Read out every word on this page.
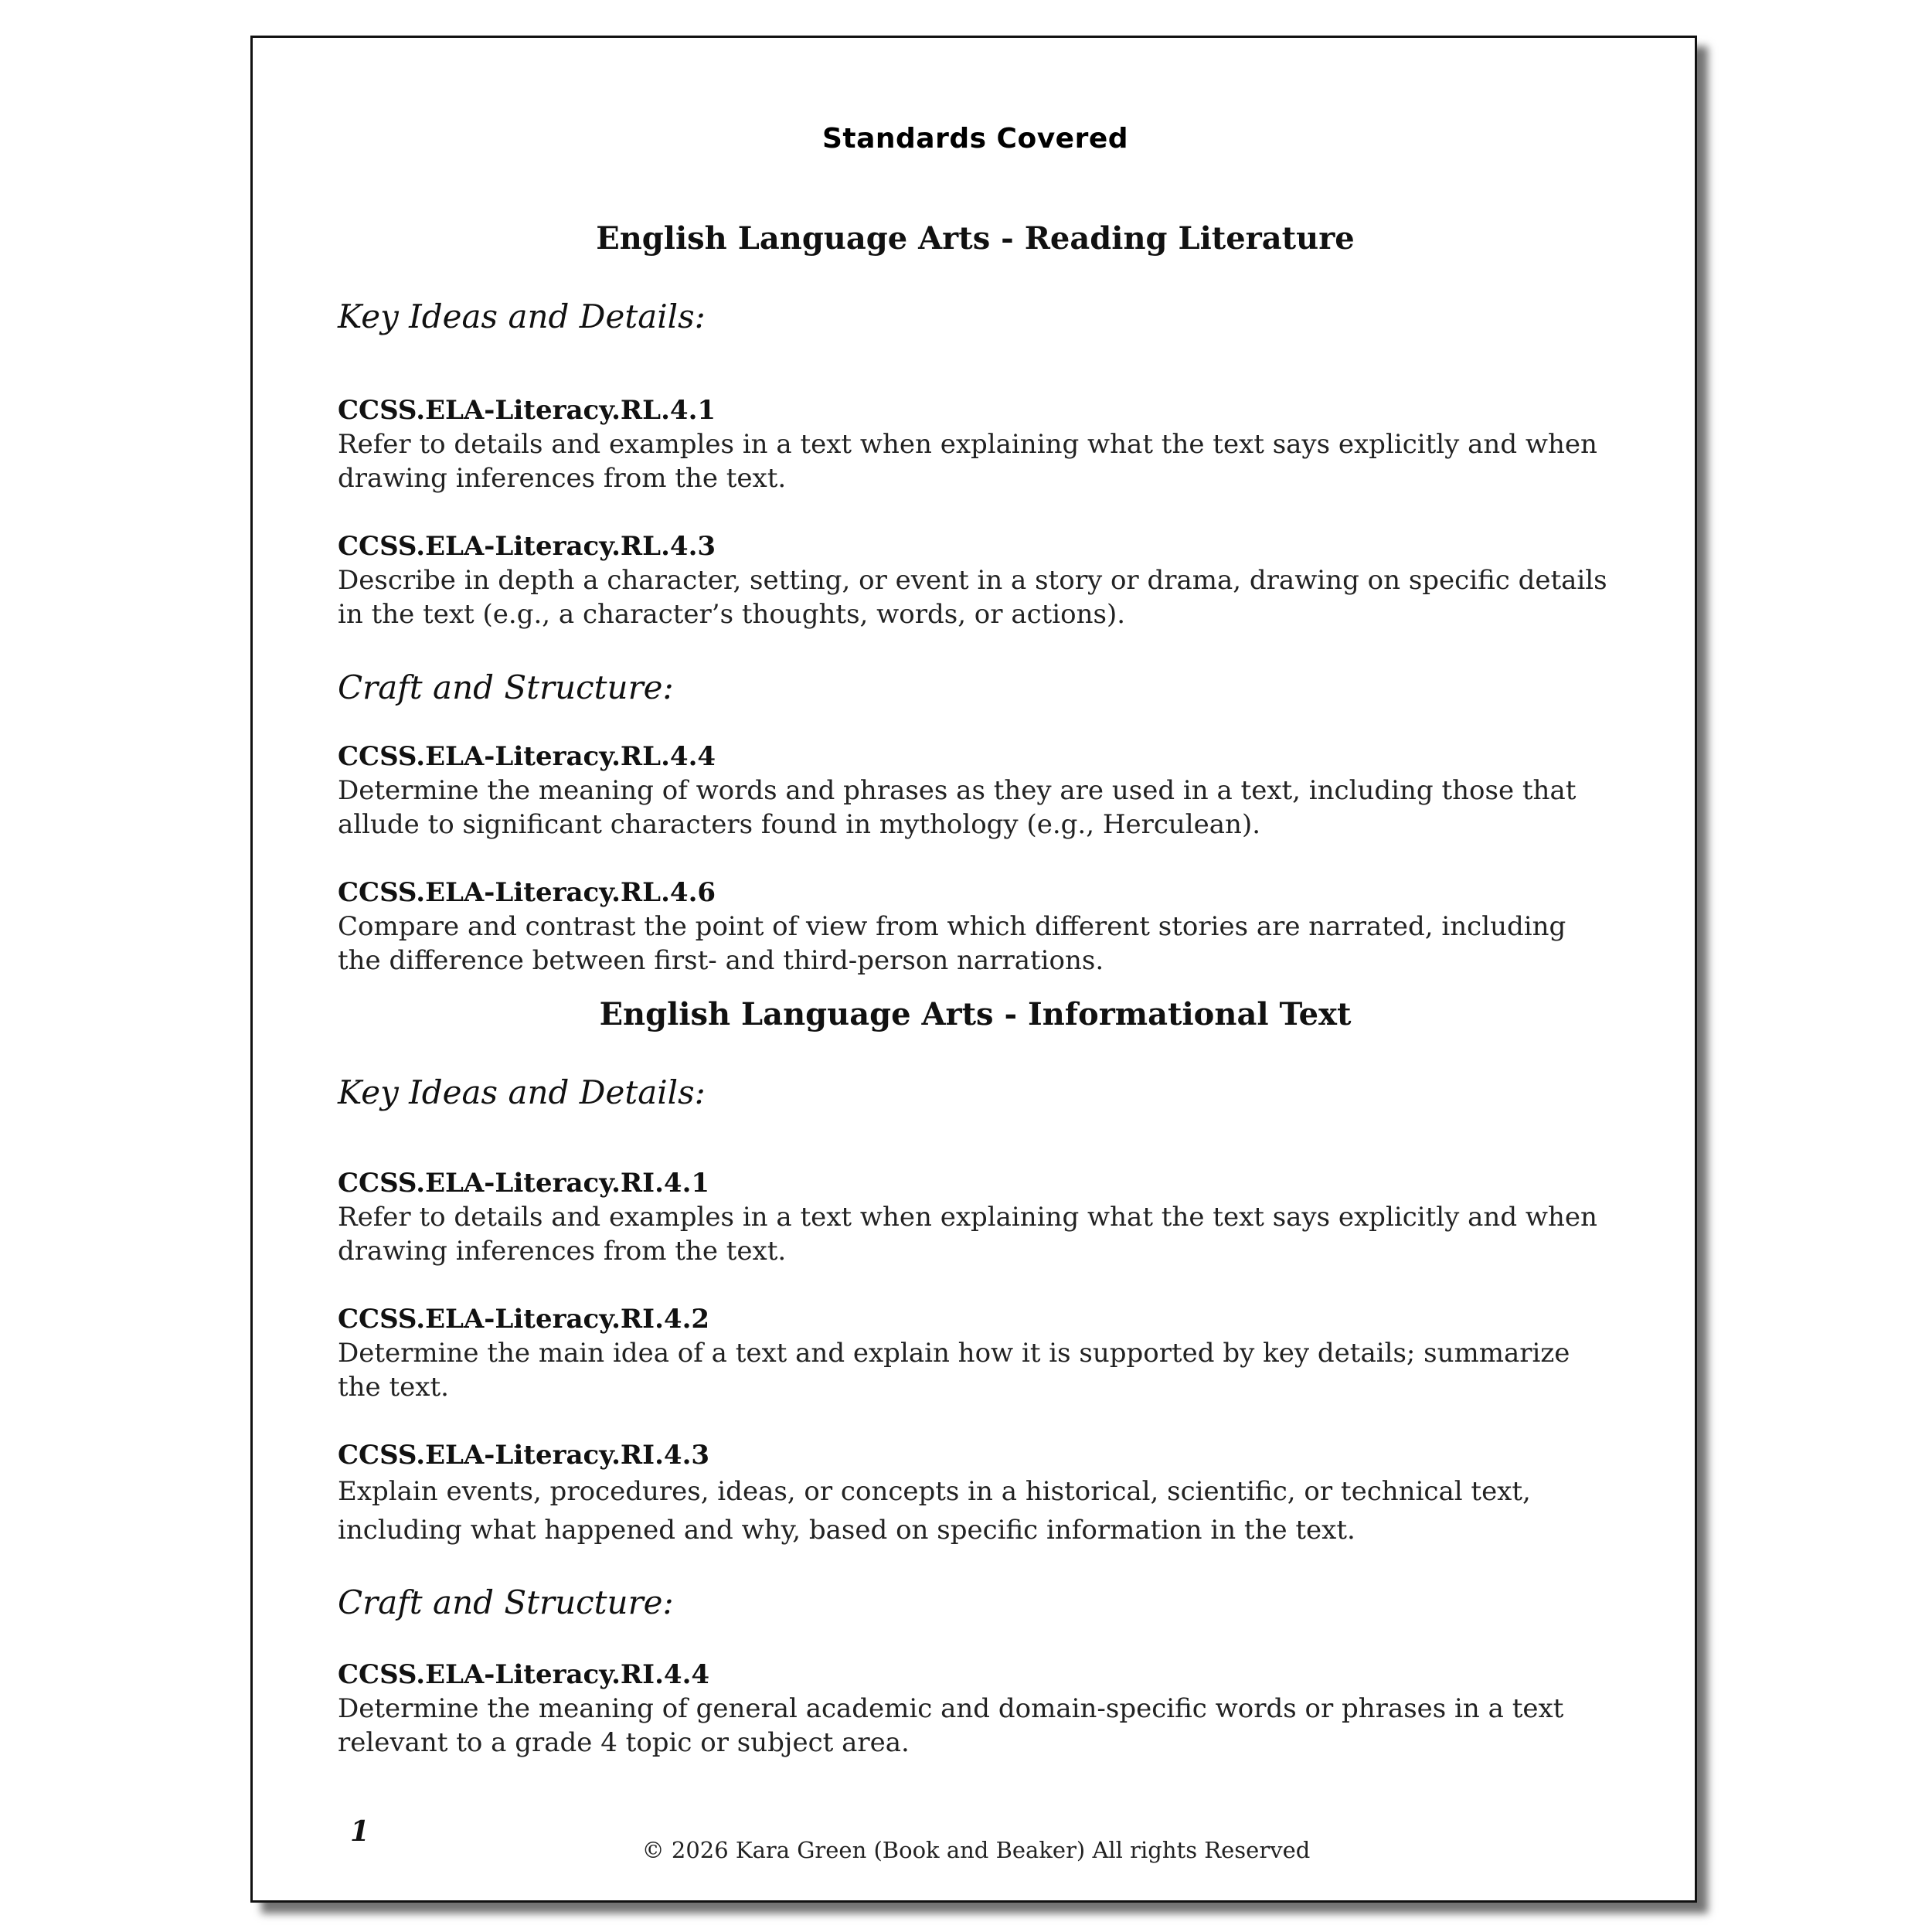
Standards Covered
English Language Arts - Reading Literature
Key Ideas and Details:
CCSS.ELA-Literacy.RL.4.1
Refer to details and examples in a text when explaining what the text says explicitly and when drawing inferences from the text.
CCSS.ELA-Literacy.RL.4.3
Describe in depth a character, setting, or event in a story or drama, drawing on specific details in the text (e.g., a character’s thoughts, words, or actions).
Craft and Structure:
CCSS.ELA-Literacy.RL.4.4
Determine the meaning of words and phrases as they are used in a text, including those that allude to significant characters found in mythology (e.g., Herculean).
CCSS.ELA-Literacy.RL.4.6
Compare and contrast the point of view from which different stories are narrated, including the difference between first- and third-person narrations.
English Language Arts - Informational Text
Key Ideas and Details:
CCSS.ELA-Literacy.RI.4.1
Refer to details and examples in a text when explaining what the text says explicitly and when drawing inferences from the text.
CCSS.ELA-Literacy.RI.4.2
Determine the main idea of a text and explain how it is supported by key details; summarize the text.
CCSS.ELA-Literacy.RI.4.3
Explain events, procedures, ideas, or concepts in a historical, scientific, or technical text, including what happened and why, based on specific information in the text.
Craft and Structure:
CCSS.ELA-Literacy.RI.4.4
Determine the meaning of general academic and domain-specific words or phrases in a text relevant to a grade 4 topic or subject area.
1
© 2026 Kara Green (Book and Beaker) All rights Reserved
